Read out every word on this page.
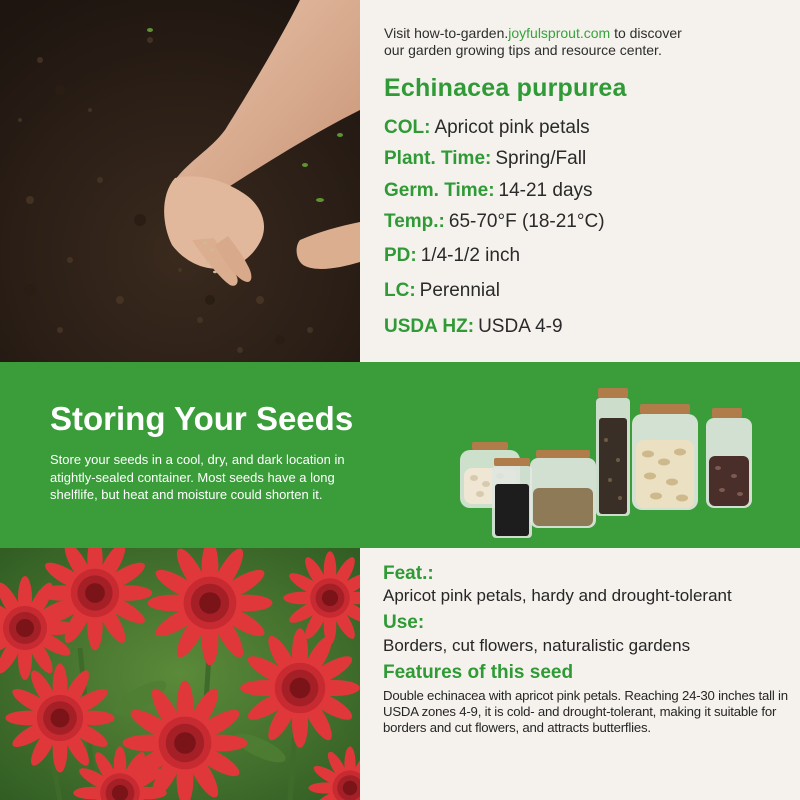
Visit how-to-garden.joyfulsprout.com to discover
our garden growing tips and resource center.
Echinacea purpurea
COL: Apricot pink petals
Plant. Time: Spring/Fall
Germ. Time: 14-21 days
Temp.: 65-70°F (18-21°C)
PD: 1/4-1/2 inch
LC: Perennial
USDA HZ: USDA 4-9
Storing Your Seeds
Store your seeds in a cool, dry, and dark location in atightly-sealed container. Most seeds have a long shelflife, but heat and moisture could shorten it.
Feat.:
Apricot pink petals, hardy and drought-tolerant
Use:
Borders, cut flowers, naturalistic gardens
Features of this seed
Double echinacea with apricot pink petals. Reaching 24-30 inches tall in USDA zones 4-9, it is cold- and drought-tolerant, making it suitable for borders and cut flowers, and attracts butterflies.
